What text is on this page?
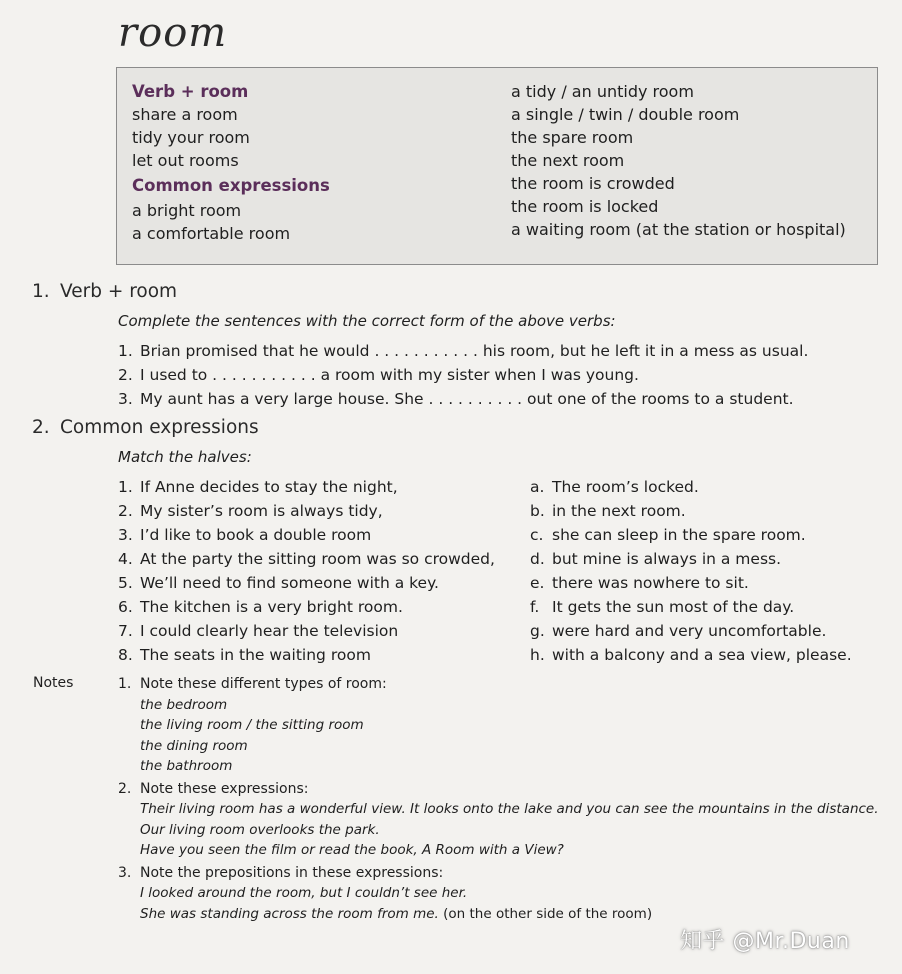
room
Verb + room
share a room
tidy your room
let out rooms
Common expressions
a bright room
a comfortable room
a tidy / an untidy room
a single / twin / double room
the spare room
the next room
the room is crowded
the room is locked
a waiting room (at the station or hospital)
1. Verb + room
Complete the sentences with the correct form of the above verbs:
1. Brian promised that he would . . . . . . . . . . . his room, but he left it in a mess as usual.
2. I used to . . . . . . . . . . . a room with my sister when I was young.
3. My aunt has a very large house. She . . . . . . . . . . out one of the rooms to a student.
2. Common expressions
Match the halves:
1. If Anne decides to stay the night,
2. My sister’s room is always tidy,
3. I’d like to book a double room
4. At the party the sitting room was so crowded,
5. We’ll need to find someone with a key.
6. The kitchen is a very bright room.
7. I could clearly hear the television
8. The seats in the waiting room
a. The room’s locked.
b. in the next room.
c. she can sleep in the spare room.
d. but mine is always in a mess.
e. there was nowhere to sit.
f. It gets the sun most of the day.
g. were hard and very uncomfortable.
h. with a balcony and a sea view, please.
Notes	1. Note these different types of room:
the bedroom
the living room / the sitting room
the dining room
the bathroom
2. Note these expressions:
Their living room has a wonderful view. It looks onto the lake and you can see the mountains in the distance.
Our living room overlooks the park.
Have you seen the film or read the book, A Room with a View?
3. Note the prepositions in these expressions:
I looked around the room, but I couldn’t see her.
She was standing across the room from me. (on the other side of the room)
知乎 @Mr.Duan
